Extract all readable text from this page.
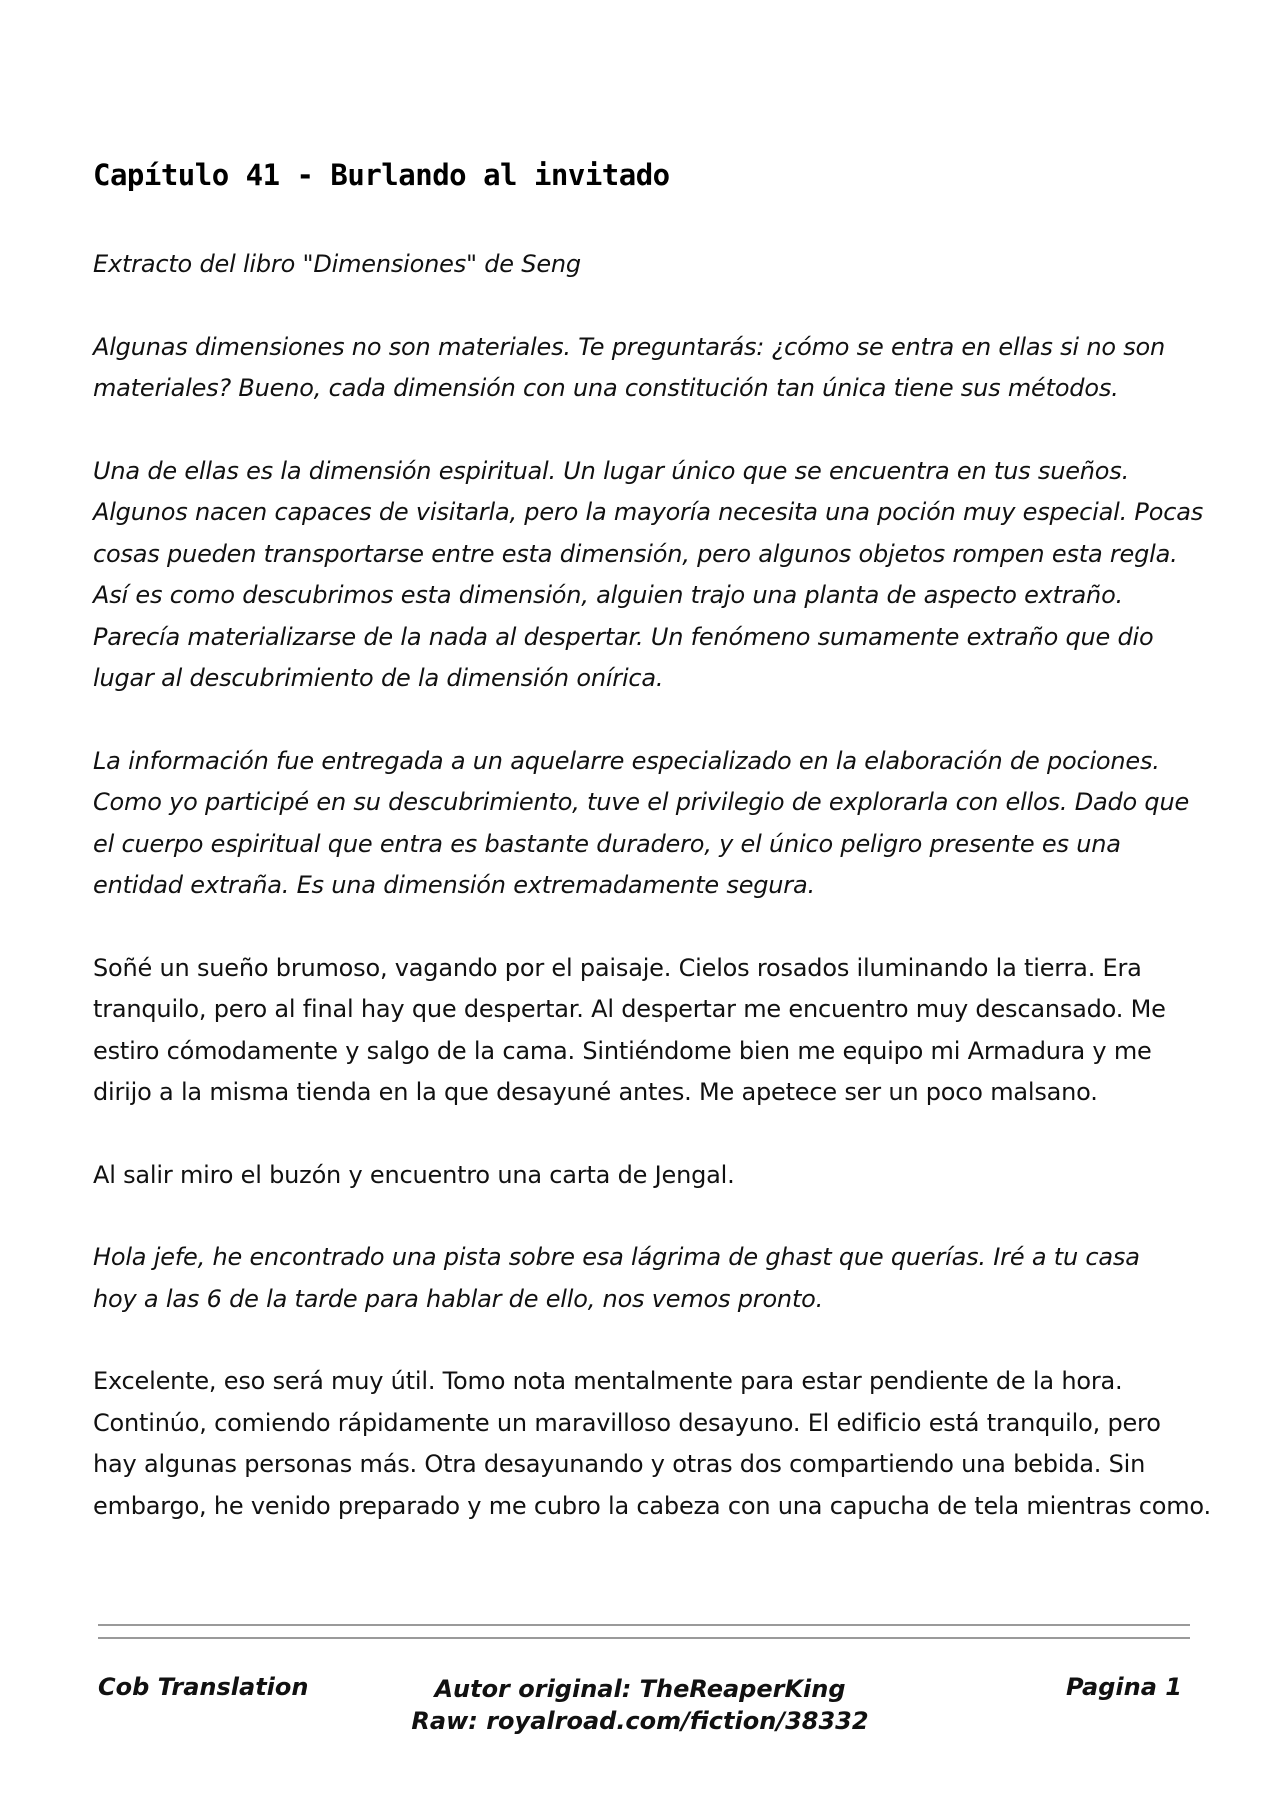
Capítulo 41 - Burlando al invitado

Extracto del libro "Dimensiones" de Seng

Algunas dimensiones no son materiales. Te preguntarás: ¿cómo se entra en ellas si no son
materiales? Bueno, cada dimensión con una constitución tan única tiene sus métodos.

Una de ellas es la dimensión espiritual. Un lugar único que se encuentra en tus sueños.
Algunos nacen capaces de visitarla, pero la mayoría necesita una poción muy especial. Pocas
cosas pueden transportarse entre esta dimensión, pero algunos objetos rompen esta regla.
Así es como descubrimos esta dimensión, alguien trajo una planta de aspecto extraño.
Parecía materializarse de la nada al despertar. Un fenómeno sumamente extraño que dio
lugar al descubrimiento de la dimensión onírica.

La información fue entregada a un aquelarre especializado en la elaboración de pociones.
Como yo participé en su descubrimiento, tuve el privilegio de explorarla con ellos. Dado que
el cuerpo espiritual que entra es bastante duradero, y el único peligro presente es una
entidad extraña. Es una dimensión extremadamente segura.

Soñé un sueño brumoso, vagando por el paisaje. Cielos rosados iluminando la tierra. Era
tranquilo, pero al final hay que despertar. Al despertar me encuentro muy descansado. Me
estiro cómodamente y salgo de la cama. Sintiéndome bien me equipo mi Armadura y me
dirijo a la misma tienda en la que desayuné antes. Me apetece ser un poco malsano.

Al salir miro el buzón y encuentro una carta de Jengal.

Hola jefe, he encontrado una pista sobre esa lágrima de ghast que querías. Iré a tu casa
hoy a las 6 de la tarde para hablar de ello, nos vemos pronto.

Excelente, eso será muy útil. Tomo nota mentalmente para estar pendiente de la hora.
Continúo, comiendo rápidamente un maravilloso desayuno. El edificio está tranquilo, pero
hay algunas personas más. Otra desayunando y otras dos compartiendo una bebida. Sin
embargo, he venido preparado y me cubro la cabeza con una capucha de tela mientras como.

Cob Translation	Autor original: TheReaperKing
Raw: royalroad.com/fiction/38332
Pagina 1
